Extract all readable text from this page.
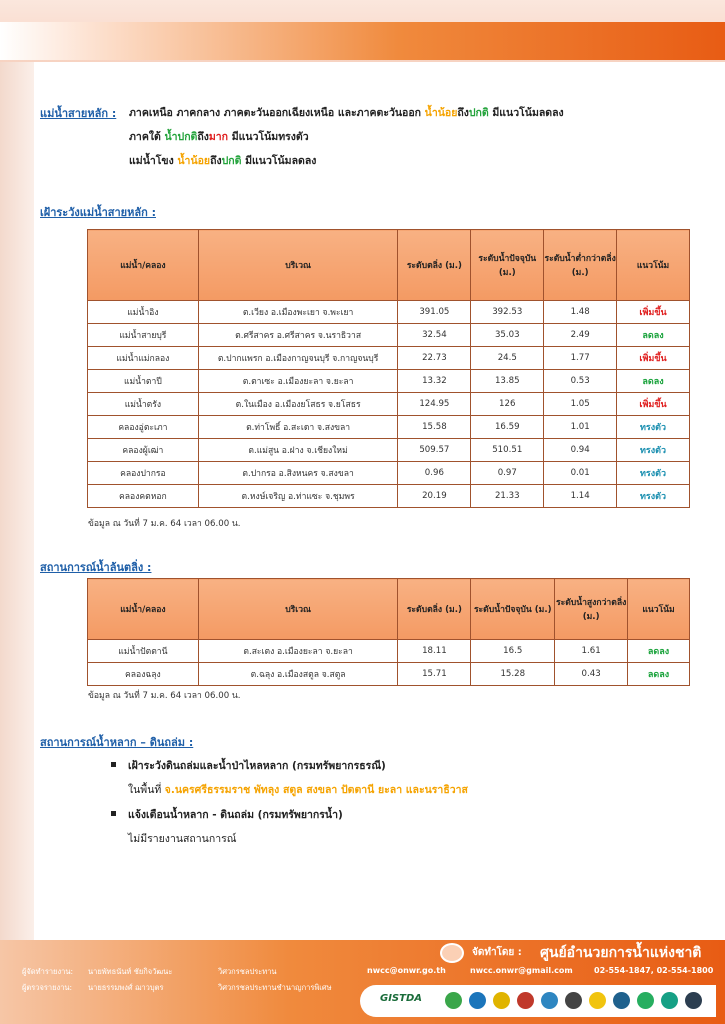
แม่น้ำสายหลัก : ภาคเหนือ ภาคกลาง ภาคตะวันออกเฉียงเหนือ และภาคตะวันออก น้ำน้อยถึงปกติ มีแนวโน้มลดลง
ภาคใต้ น้ำปกติถึงมาก มีแนวโน้มทรงตัว
แม่น้ำโขง น้ำน้อยถึงปกติ มีแนวโน้มลดลง
เฝ้าระวังแม่น้ำสายหลัก :
แม่น้ำ/คลอง	บริเวณ	ระดับตลิ่ง (ม.)	ระดับน้ำปัจจุบัน (ม.)	ระดับน้ำต่ำกว่าตลิ่ง (ม.)	แนวโน้ม
แม่น้ำอิง	ต.เวียง อ.เมืองพะเยา จ.พะเยา	391.05	392.53	1.48	เพิ่มขึ้น
แม่น้ำสายบุรี	ต.ศรีสาคร อ.ศรีสาคร จ.นราธิวาส	32.54	35.03	2.49	ลดลง
แม่น้ำแม่กลอง	ต.ปากแพรก อ.เมืองกาญจนบุรี จ.กาญจนบุรี	22.73	24.5	1.77	เพิ่มขึ้น
แม่น้ำตาปี	ต.ตาเซะ อ.เมืองยะลา จ.ยะลา	13.32	13.85	0.53	ลดลง
แม่น้ำตรัง	ต.ในเมือง อ.เมืองยโสธร จ.ยโสธร	124.95	126	1.05	เพิ่มขึ้น
คลองอู่ตะเภา	ต.ท่าโพธิ์ อ.สะเดา จ.สงขลา	15.58	16.59	1.01	ทรงตัว
คลองผู้เฒ่า	ต.แม่สูน อ.ฝาง จ.เชียงใหม่	509.57	510.51	0.94	ทรงตัว
คลองปากรอ	ต.ปากรอ อ.สิงหนคร จ.สงขลา	0.96	0.97	0.01	ทรงตัว
คลองคตหอก	ต.หงษ์เจริญ อ.ท่าแซะ จ.ชุมพร	20.19	21.33	1.14	ทรงตัว
ข้อมูล ณ วันที่ 7 ม.ค. 64 เวลา 06.00 น.
สถานการณ์น้ำล้นตลิ่ง :
แม่น้ำ/คลอง	บริเวณ	ระดับตลิ่ง (ม.)	ระดับน้ำปัจจุบัน (ม.)	ระดับน้ำสูงกว่าตลิ่ง (ม.)	แนวโน้ม
แม่น้ำปัตตานี	ต.สะเตง อ.เมืองยะลา จ.ยะลา	18.11	16.5	1.61	ลดลง
คลองฉลุง	ต.ฉลุง อ.เมืองสตูล จ.สตูล	15.71	15.28	0.43	ลดลง
ข้อมูล ณ วันที่ 7 ม.ค. 64 เวลา 06.00 น.
สถานการณ์น้ำหลาก – ดินถล่ม :
เฝ้าระวังดินถล่มและน้ำป่าไหลหลาก (กรมทรัพยากรธรณี)
ในพื้นที่ จ.นครศรีธรรมราช พัทลุง สตูล สงขลา ปัตตานี ยะลา และนราธิวาส
แจ้งเตือนน้ำหลาก - ดินถล่ม (กรมทรัพยากรน้ำ)
ไม่มีรายงานสถานการณ์
ผู้จัดทำรายงาน: นายพัทธนันท์ ชัยกิจวัฒนะ	วิศวกรชลประทาน
ผู้ตรวจรายงาน: นายธรรมพงศ์ ฌาวบุตร	วิศวกรชลประทานชำนาญการพิเศษ
จัดทำโดย : ศูนย์อำนวยการน้ำแห่งชาติ
nwcc@onwr.go.th	nwcc.onwr@gmail.com	02-554-1847, 02-554-1800
GISTDA
